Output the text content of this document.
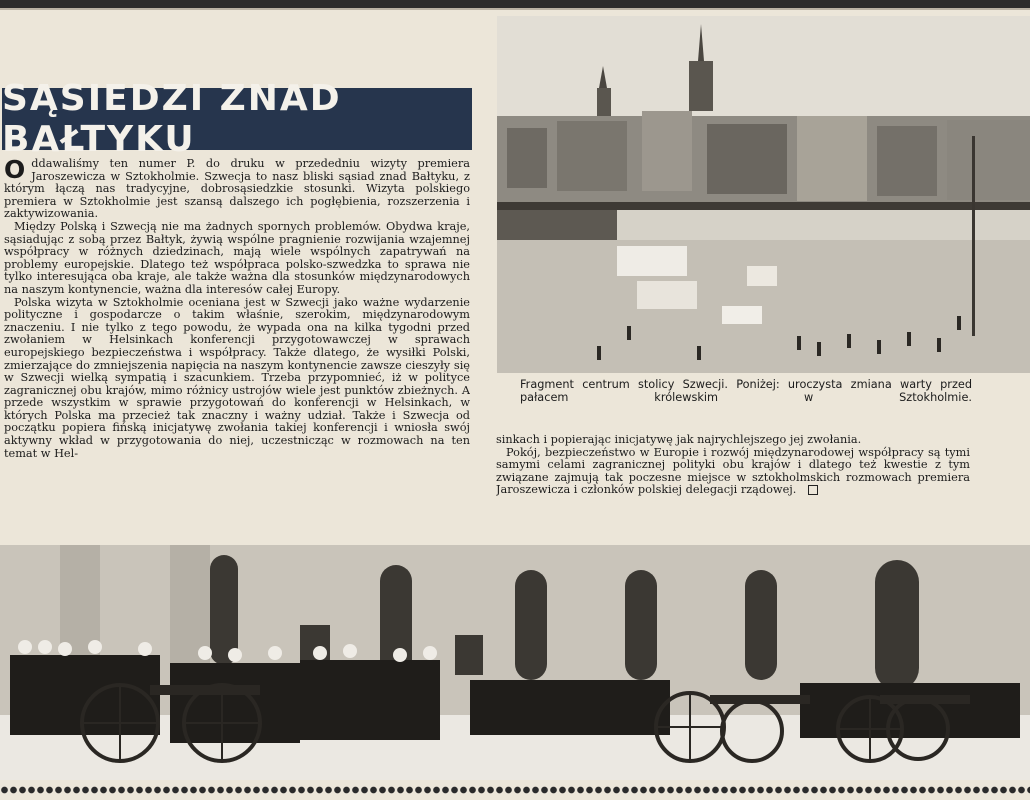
SĄSIEDZI ZNAD BAŁTYKU

Oddawaliśmy ten numer P. do druku w przededniu wizyty premiera Jaroszewicza w Sztokholmie. Szwecja to nasz bliski sąsiad znad Bałtyku, z którym łączą nas tradycyjne, dobrosąsiedzkie stosunki. Wizyta polskiego premiera w Sztokholmie jest szansą dalszego ich pogłębienia, rozszerzenia i zaktywizowania.

Między Polską i Szwecją nie ma żadnych spornych problemów. Obydwa kraje, sąsiadując z sobą przez Bałtyk, żywią wspólne pragnienie rozwijania wzajemnej współpracy w różnych dziedzinach, mają wiele wspólnych zapatrywań na problemy europejskie. Dlatego też współpraca polsko-szwedzka to sprawa nie tylko interesująca oba kraje, ale także ważna dla stosunków międzynarodowych na naszym kontynencie, ważna dla interesów całej Europy.

Polska wizyta w Sztokholmie oceniana jest w Szwecji jako ważne wydarzenie polityczne i gospodarcze o takim właśnie, szerokim, międzynarodowym znaczeniu. I nie tylko z tego powodu, że wypada ona na kilka tygodni przed zwołaniem w Helsinkach konferencji przygotowawczej w sprawach europejskiego bezpieczeństwa i współpracy. Także dlatego, że wysiłki Polski, zmierzające do zmniejszenia napięcia na naszym kontynencie zawsze cieszyły się w Szwecji wielką sympatią i szacunkiem. Trzeba przypomnieć, iż w polityce zagranicznej obu krajów, mimo różnicy ustrojów wiele jest punktów zbieżnych. A przede wszystkim w sprawie przygotowań do konferencji w Helsinkach, w których Polska ma przecież tak znaczny i ważny udział. Także i Szwecja od początku popiera fińską inicjatywę zwołania takiej konferencji i wniosła swój aktywny wkład w przygotowania do niej, uczestnicząc w rozmowach na ten temat w Hel-

Fragment centrum stolicy Szwecji. Poniżej: uroczysta zmiana warty przed pałacem królewskim w Sztokholmie.

sinkach i popierając inicjatywę jak najrychlejszego jej zwołania.

Pokój, bezpieczeństwo w Europie i rozwój międzynarodowej współpracy są tymi samymi celami zagranicznej polityki obu krajów i dlatego też kwestie z tym związane zajmują tak poczesne miejsce w sztokholmskich rozmowach premiera Jaroszewicza i członków polskiej delegacji rządowej.
